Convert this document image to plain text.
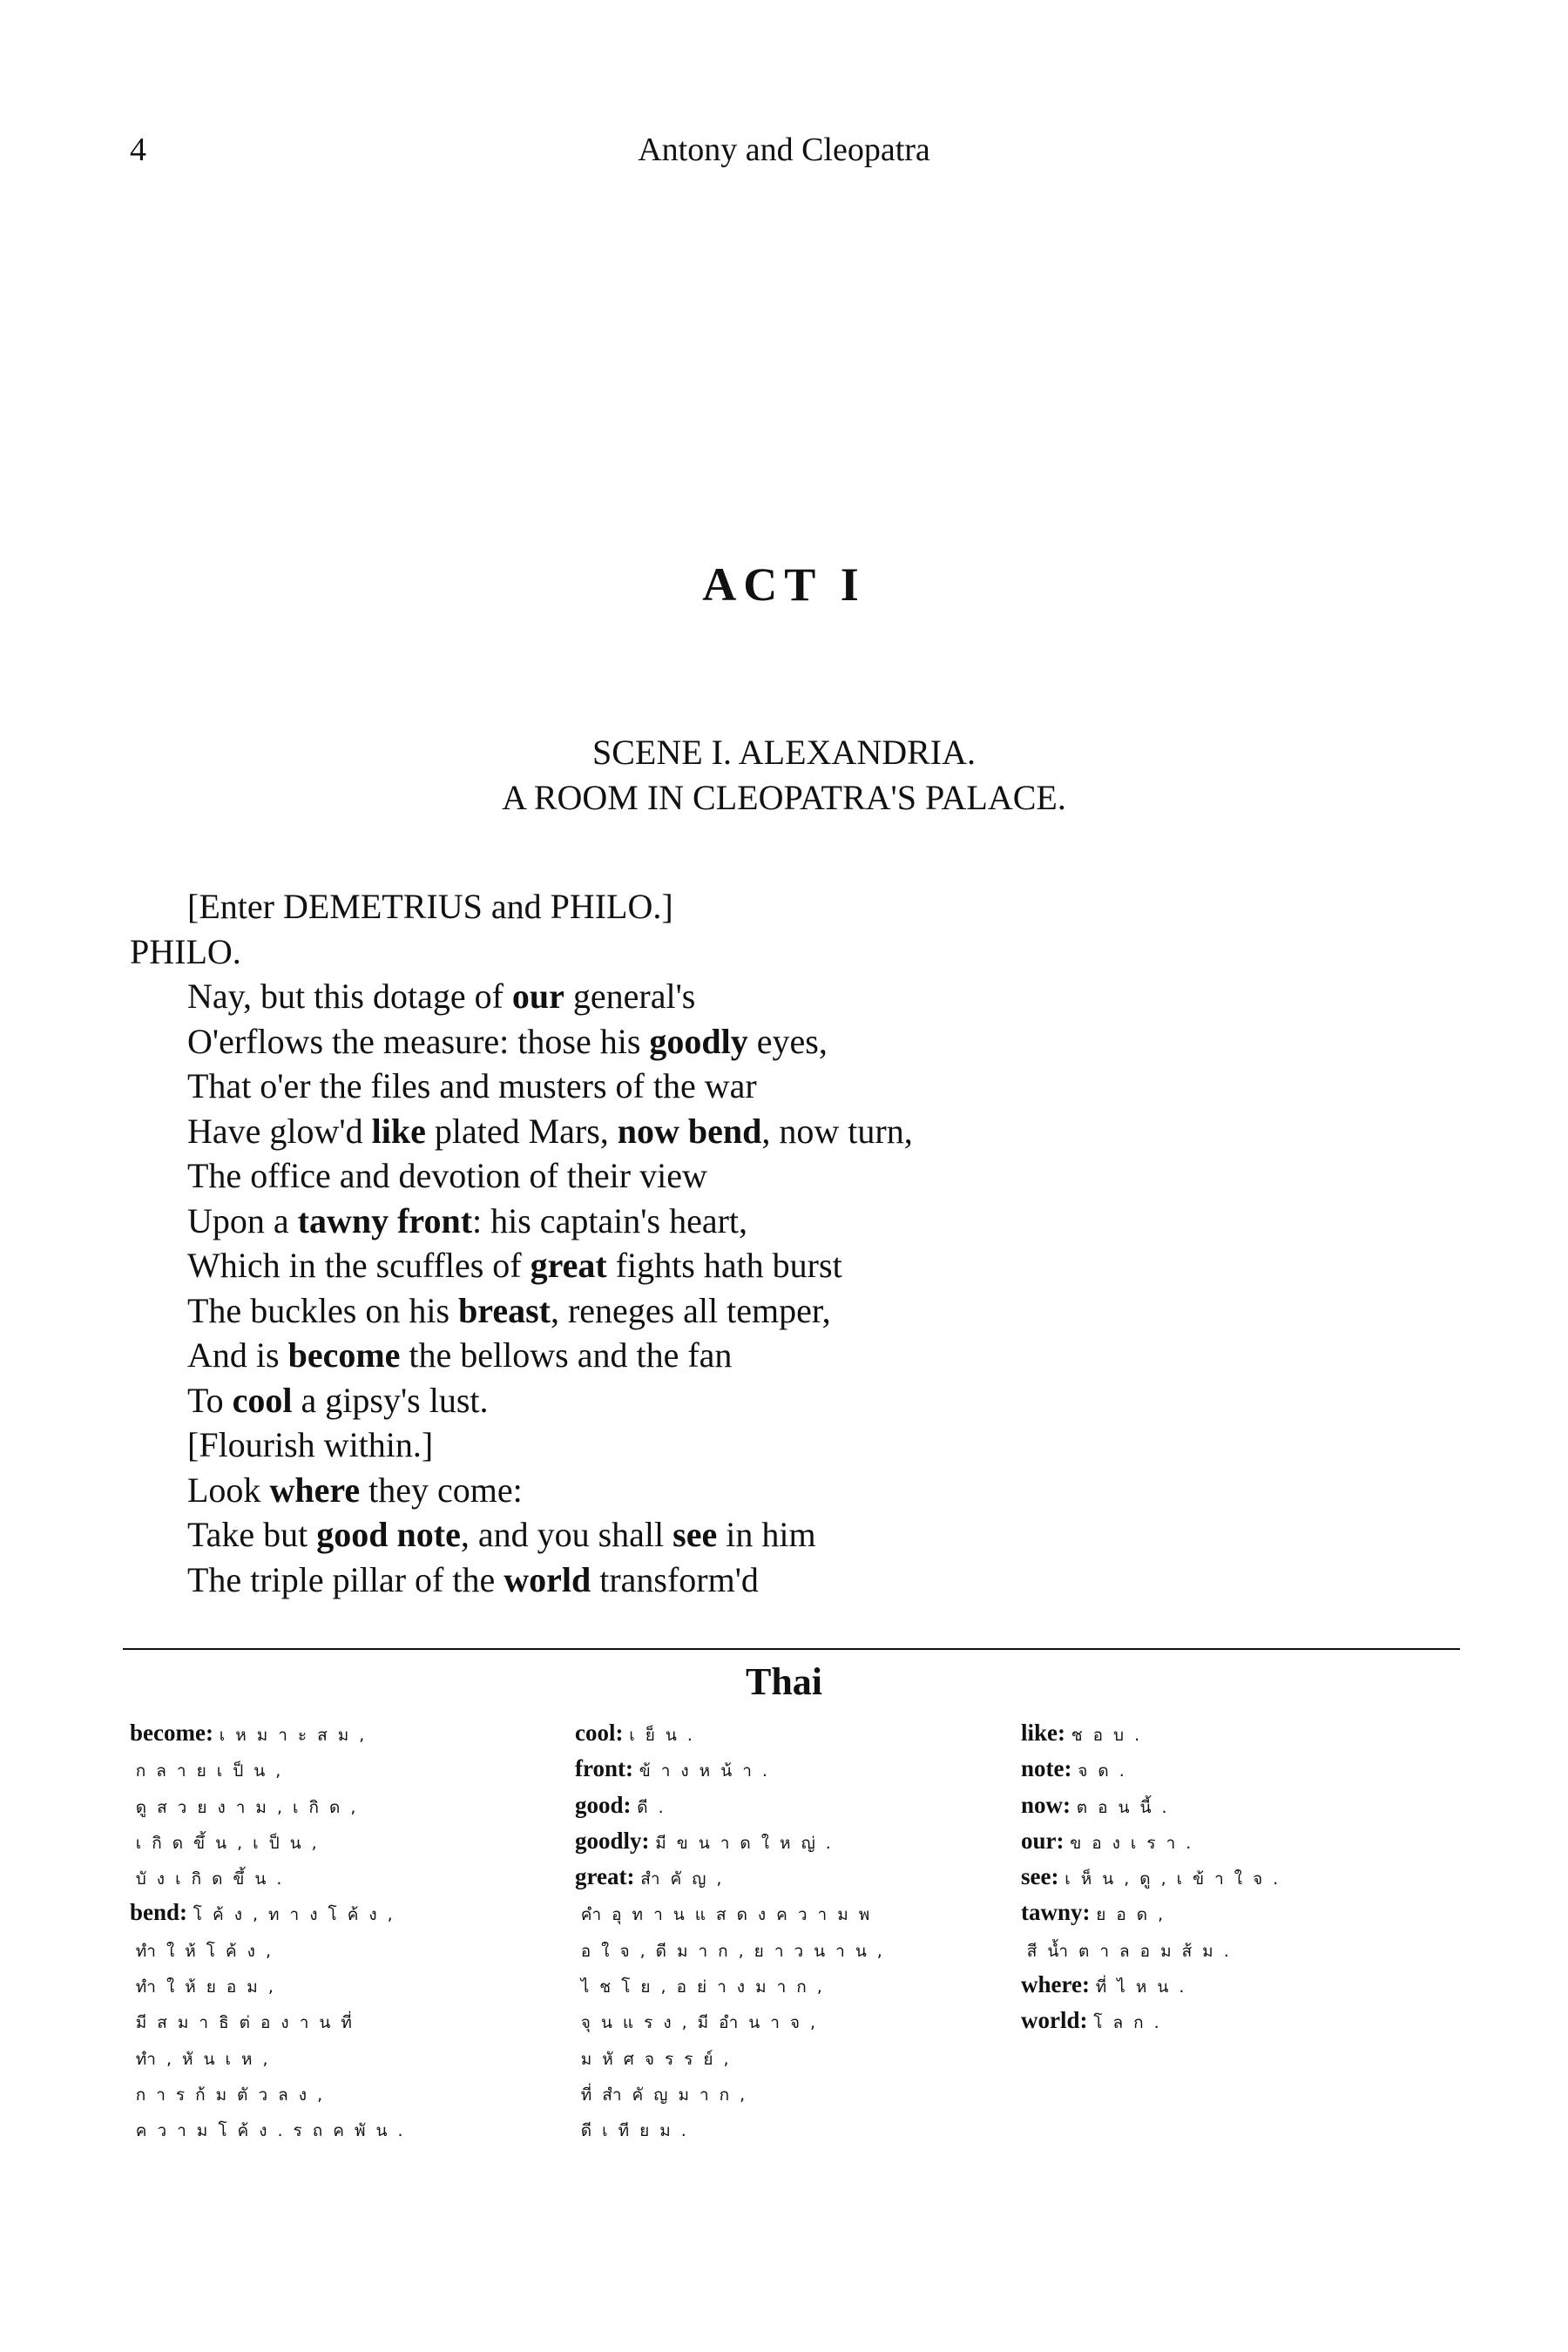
4	Antony and Cleopatra
ACT I
SCENE I. ALEXANDRIA.
A ROOM IN CLEOPATRA'S PALACE.
[Enter DEMETRIUS and PHILO.]
PHILO.
Nay, but this dotage of our general's
O'erflows the measure: those his goodly eyes,
That o'er the files and musters of the war
Have glow'd like plated Mars, now bend, now turn,
The office and devotion of their view
Upon a tawny front: his captain's heart,
Which in the scuffles of great fights hath burst
The buckles on his breast, reneges all temper,
And is become the bellows and the fan
To cool a gipsy's lust.
[Flourish within.]
Look where they come:
Take but good note, and you shall see in him
The triple pillar of the world transform'd
Thai
become: เหมาะสม,
กลายเป็น,
ดูสวยงาม,เกิด,
เกิดขึ้น,เป็น,
บังเกิดขึ้น.
bend: โค้ง,ทางโค้ง,
ทำให้โค้ง,
ทำให้ยอม,
มีสมาธิต่องานที่
ทำ,หันเห,
การก้มตัวลง,
ความโค้ง.รถคพัน.
cool: เย็น.
front: ข้างหน้า.
good: ดี.
goodly: มีขนาดใหญ่.
great: สำคัญ,
คำอุทานแสดงความพ
อใจ,ดีมาก,ยาวนาน,
ไชโย,อย่างมาก,
จุนแรง,มีอำนาจ,
มหัศจรรย์,
ที่สำคัญมาก,
ดีเทียม.
like: ชอบ.
note: จด.
now: ตอนนี้.
our: ของเรา.
see: เห็น,ดู,เข้าใจ.
tawny: ยอด,
สีน้ำตาลอมส้ม.
where: ที่ไหน.
world: โลก.
